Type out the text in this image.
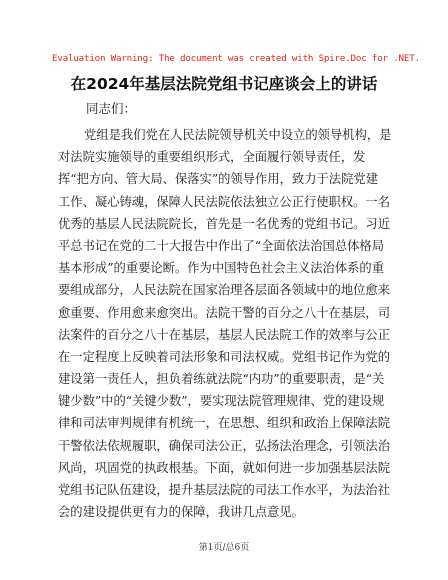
Evaluation Warning: The document was created with Spire.Doc for .NET.
在2024年基层法院党组书记座谈会上的讲话
同志们：
党组是我们党在人民法院领导机关中设立的领导机构，是
对法院实施领导的重要组织形式，全面履行领导责任，发
挥“把方向、管大局、保落实”的领导作用，致力于法院党建
工作、凝心铸魂，保障人民法院依法独立公正行使职权。一名
优秀的基层人民法院院长，首先是一名优秀的党组书记。习近
平总书记在党的二十大报告中作出了“全面依法治国总体格局
基本形成”的重要论断。作为中国特色社会主义法治体系的重
要组成部分，人民法院在国家治理各层面各领域中的地位愈来
愈重要、作用愈来愈突出。法院干警的百分之八十在基层，司
法案件的百分之八十在基层，基层人民法院工作的效率与公正
在一定程度上反映着司法形象和司法权威。党组书记作为党的
建设第一责任人，担负着练就法院“内功”的重要职责，是“关
键少数”中的“关键少数”，要实现法院管理规律、党的建设规
律和司法审判规律有机统一，在思想、组织和政治上保障法院
干警依法依规履职，确保司法公正，弘扬法治理念，引领法治
风尚，巩固党的执政根基。下面，就如何进一步加强基层法院
党组书记队伍建设，提升基层法院的司法工作水平，为法治社
会的建设提供更有力的保障，我讲几点意见。
第1页/总6页
